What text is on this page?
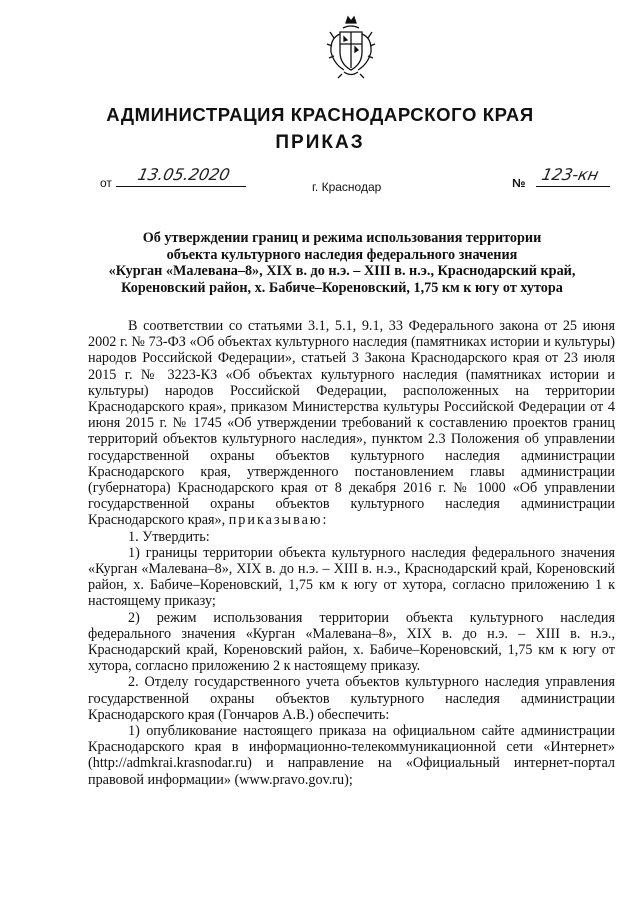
АДМИНИСТРАЦИЯ КРАСНОДАРСКОГО КРАЯ
ПРИКАЗ
от 13.05.2020	№ 123-кн
г. Краснодар
Об утверждении границ и режима использования территории
объекта культурного наследия федерального значения
«Курган «Малевана–8», XIX в. до н.э. – XIII в. н.э., Краснодарский край,
Кореновский район, х. Бабиче–Кореновский, 1,75 км к югу от хутора

В соответствии со статьями 3.1, 5.1, 9.1, 33 Федерального закона от 25 июня 2002 г. № 73-ФЗ «Об объектах культурного наследия (памятниках истории и культуры) народов Российской Федерации», статьей 3 Закона Краснодарского края от 23 июля 2015 г. № 3223-КЗ «Об объектах культурного наследия (памятниках истории и культуры) народов Российской Федерации, расположенных на территории Краснодарского края», приказом Министерства культуры Российской Федерации от 4 июня 2015 г. № 1745 «Об утверждении требований к составлению проектов границ территорий объектов культурного наследия», пунктом 2.3 Положения об управлении государственной охраны объектов культурного наследия администрации Краснодарского края, утвержденного постановлением главы администрации (губернатора) Краснодарского края от 8 декабря 2016 г. № 1000 «Об управлении государственной охраны объектов культурного наследия администрации Краснодарского края», приказываю:

1. Утвердить:

1) границы территории объекта культурного наследия федерального значения «Курган «Малевана–8», XIX в. до н.э. – XIII в. н.э., Краснодарский край, Кореновский район, х. Бабиче–Кореновский, 1,75 км к югу от хутора, согласно приложению 1 к настоящему приказу;

2) режим использования территории объекта культурного наследия федерального значения «Курган «Малевана–8», XIX в. до н.э. – XIII в. н.э., Краснодарский край, Кореновский район, х. Бабиче–Кореновский, 1,75 км к югу от хутора, согласно приложению 2 к настоящему приказу.

2. Отделу государственного учета объектов культурного наследия управления государственной охраны объектов культурного наследия администрации Краснодарского края (Гончаров А.В.) обеспечить:

1) опубликование настоящего приказа на официальном сайте администрации Краснодарского края в информационно-телекоммуникационной сети «Интернет» (http://admkrai.krasnodar.ru) и направление на «Официальный интернет-портал правовой информации» (www.pravo.gov.ru);
